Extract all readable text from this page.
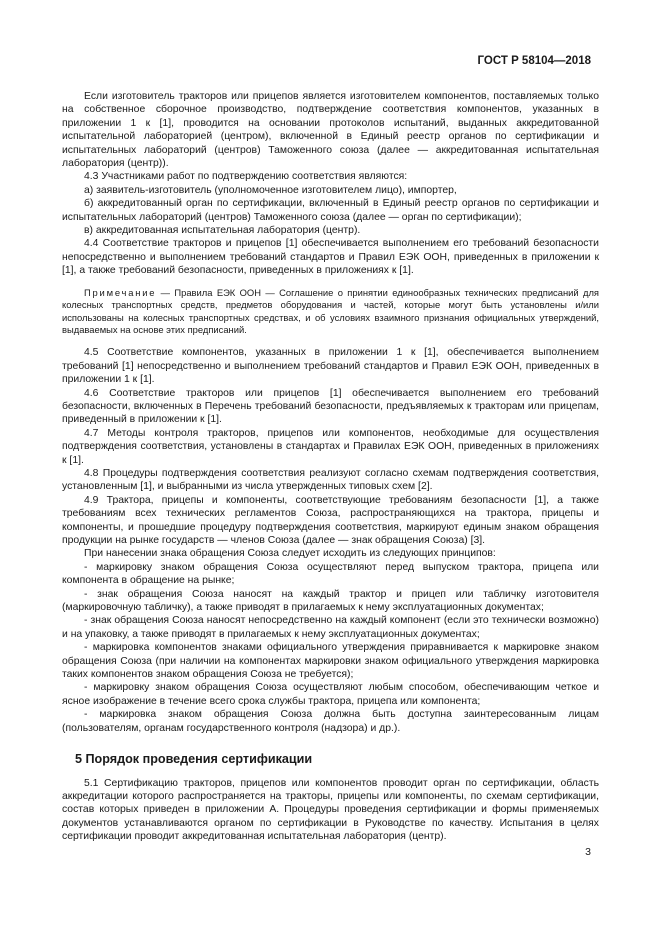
ГОСТ Р 58104—2018

Если изготовитель тракторов или прицепов является изготовителем компонентов, поставляемых только на собственное сборочное производство, подтверждение соответствия компонентов, указанных в приложении 1 к [1], проводится на основании протоколов испытаний, выданных аккредитованной испытательной лабораторией (центром), включенной в Единый реестр органов по сертификации и испытательных лабораторий (центров) Таможенного союза (далее — аккредитованная испытательная лаборатория (центр)).

4.3 Участниками работ по подтверждению соответствия являются:

а) заявитель-изготовитель (уполномоченное изготовителем лицо), импортер,

б) аккредитованный орган по сертификации, включенный в Единый реестр органов по сертификации и испытательных лабораторий (центров) Таможенного союза (далее — орган по сертификации);

в) аккредитованная испытательная лаборатория (центр).

4.4 Соответствие тракторов и прицепов [1] обеспечивается выполнением его требований безопасности непосредственно и выполнением требований стандартов и Правил ЕЭК ООН, приведенных в приложении к [1], а также требований безопасности, приведенных в приложениях к [1].

Примечание — Правила ЕЭК ООН — Соглашение о принятии единообразных технических предписаний для колесных транспортных средств, предметов оборудования и частей, которые могут быть установлены и/или использованы на колесных транспортных средствах, и об условиях взаимного признания официальных утверждений, выдаваемых на основе этих предписаний.

4.5 Соответствие компонентов, указанных в приложении 1 к [1], обеспечивается выполнением требований [1] непосредственно и выполнением требований стандартов и Правил ЕЭК ООН, приведенных в приложении 1 к [1].

4.6 Соответствие тракторов или прицепов [1] обеспечивается выполнением его требований безопасности, включенных в Перечень требований безопасности, предъявляемых к тракторам или прицепам, приведенный в приложении к [1].

4.7 Методы контроля тракторов, прицепов или компонентов, необходимые для осуществления подтверждения соответствия, установлены в стандартах и Правилах ЕЭК ООН, приведенных в приложениях к [1].

4.8 Процедуры подтверждения соответствия реализуют согласно схемам подтверждения соответствия, установленным [1], и выбранными из числа утвержденных типовых схем [2].

4.9 Трактора, прицепы и компоненты, соответствующие требованиям безопасности [1], а также требованиям всех технических регламентов Союза, распространяющихся на трактора, прицепы и компоненты, и прошедшие процедуру подтверждения соответствия, маркируют единым знаком обращения продукции на рынке государств — членов Союза (далее — знак обращения Союза) [3].

При нанесении знака обращения Союза следует исходить из следующих принципов:

- маркировку знаком обращения Союза осуществляют перед выпуском трактора, прицепа или компонента в обращение на рынке;

- знак обращения Союза наносят на каждый трактор и прицеп или табличку изготовителя (маркировочную табличку), а также приводят в прилагаемых к нему эксплуатационных документах;

- знак обращения Союза наносят непосредственно на каждый компонент (если это технически возможно) и на упаковку, а также приводят в прилагаемых к нему эксплуатационных документах;

- маркировка компонентов знаками официального утверждения приравнивается к маркировке знаком обращения Союза (при наличии на компонентах маркировки знаком официального утверждения маркировка таких компонентов знаком обращения Союза не требуется);

- маркировку знаком обращения Союза осуществляют любым способом, обеспечивающим четкое и ясное изображение в течение всего срока службы трактора, прицепа или компонента;

- маркировка знаком обращения Союза должна быть доступна заинтересованным лицам (пользователям, органам государственного контроля (надзора) и др.).

5 Порядок проведения сертификации

5.1 Сертификацию тракторов, прицепов или компонентов проводит орган по сертификации, область аккредитации которого распространяется на тракторы, прицепы или компоненты, по схемам сертификации, состав которых приведен в приложении А. Процедуры проведения сертификации и формы применяемых документов устанавливаются органом по сертификации в Руководстве по качеству. Испытания в целях сертификации проводит аккредитованная испытательная лаборатория (центр).

3
